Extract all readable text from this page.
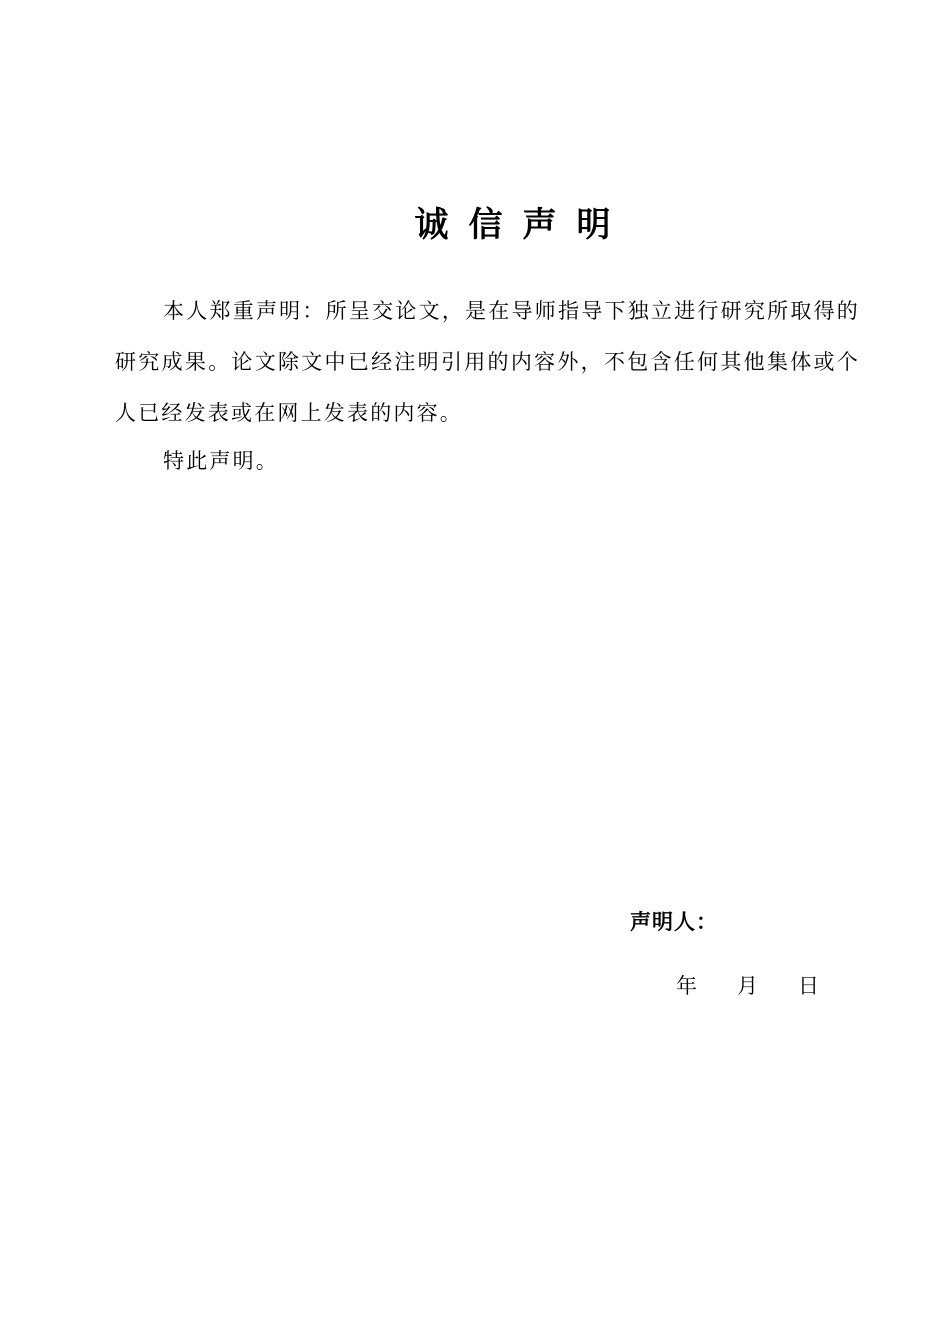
诚信声明
本人郑重声明：所呈交论文，是在导师指导下独立进行研究所取得的研究成果。论文除文中已经注明引用的内容外，不包含任何其他集体或个人已经发表或在网上发表的内容。
特此声明。
声明人：
年 月 日
